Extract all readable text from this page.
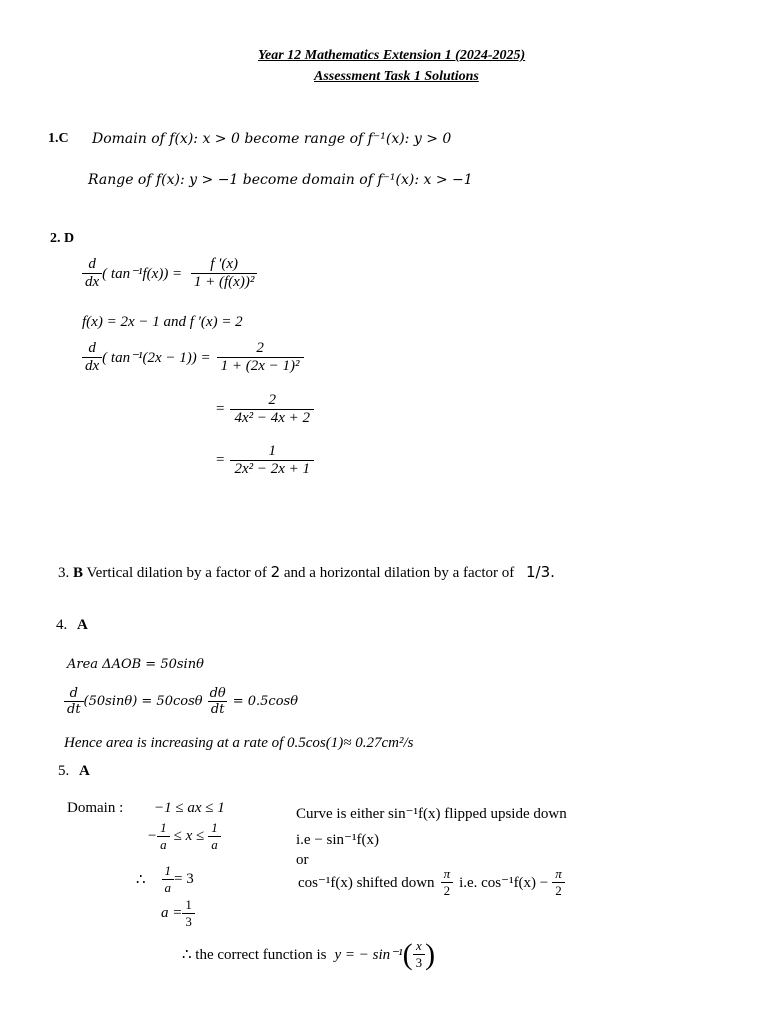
Year 12 Mathematics Extension 1 (2024-2025)
Assessment Task 1 Solutions
1.C Domain of f(x): x > 0 become range of f⁻¹(x): y > 0
Range of f(x): y > −1 become domain of f⁻¹(x): x > −1
2. D
$\frac{d}{dx}$ ( $\tan^{-1}f(x)) = \frac{f '(x)}{\text{1 + (f(x))²}}$
f(x) = 2x − 1 and f ′(x) = 2
$\frac{d}{dx}$ ( $\tan^{-1}(2x - 1)) = \frac{2}{\text{1 + (2x − 1)²}}$
= $\frac{2}{\text{4x² − 4x + 2}}$
= $\frac{1}{\text{2x² − 2x + 1}}$
3. B Vertical dilation by a factor of 2 and a horizontal dilation by a factor of 1/3.
4. A
Area ΔAOB = 50sinθ
$\frac{d}{dt} (50\sin\theta) = 50\cos\theta \frac{d\theta}{dt} = 0.5\cos\theta$
Hence area is increasing at a rate of 0.5cos(1)≈ 0.27cm²/s
5. A
Domain : −1 ≤ ax ≤ 1
− $\frac{1}{a} \le x \le \frac{1}{a}$
∴ $\frac{1}{a} = 3$
$a = \frac{1}{3}$
Curve is either sin⁻¹f(x) flipped upside down
i.e − sin⁻¹f(x)
or
cos⁻¹f(x) shifted down $\frac{\pi}{2} i.e$. $\cos^{-1}f(x) - \frac{\pi}{2}$
∴ the correct function is y = − sin⁻¹ ( $\frac{x}{3}$ )
